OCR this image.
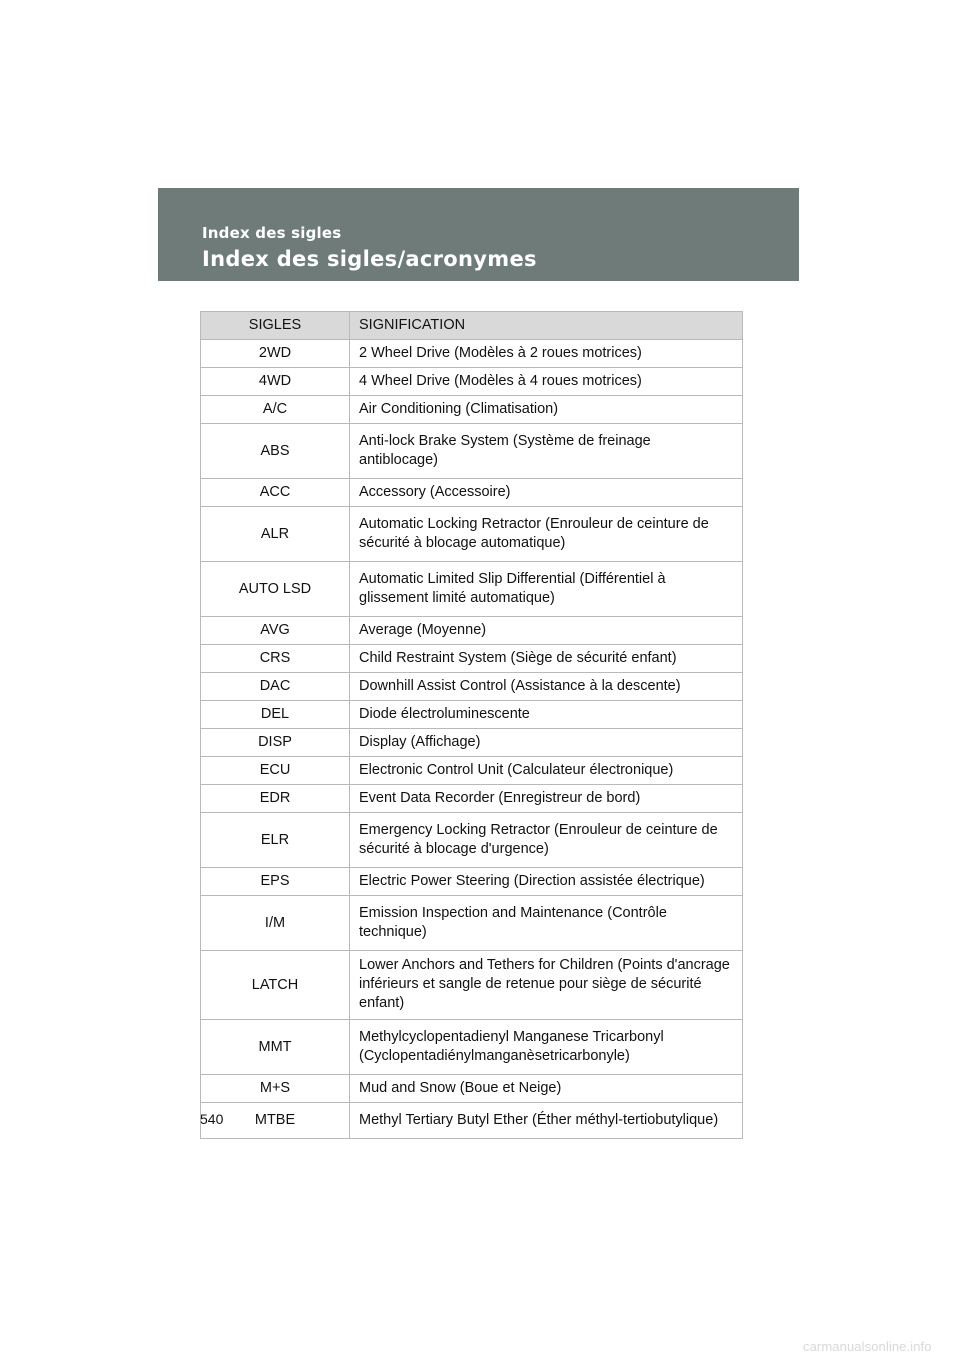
Index des sigles
Index des sigles/acronymes
SIGLES	SIGNIFICATION
2WD	2 Wheel Drive (Modèles à 2 roues motrices)
4WD	4 Wheel Drive (Modèles à 4 roues motrices)
A/C	Air Conditioning (Climatisation)
ABS	Anti-lock Brake System (Système de freinage antiblocage)
ACC	Accessory (Accessoire)
ALR	Automatic Locking Retractor (Enrouleur de ceinture de sécurité à blocage automatique)
AUTO LSD	Automatic Limited Slip Differential (Différentiel à glissement limité automatique)
AVG	Average (Moyenne)
CRS	Child Restraint System (Siège de sécurité enfant)
DAC	Downhill Assist Control (Assistance à la descente)
DEL	Diode électroluminescente
DISP	Display (Affichage)
ECU	Electronic Control Unit (Calculateur électronique)
EDR	Event Data Recorder (Enregistreur de bord)
ELR	Emergency Locking Retractor (Enrouleur de ceinture de sécurité à blocage d'urgence)
EPS	Electric Power Steering (Direction assistée électrique)
I/M	Emission Inspection and Maintenance (Contrôle technique)
LATCH	Lower Anchors and Tethers for Children (Points d'ancrage inférieurs et sangle de retenue pour siège de sécurité enfant)
MMT	Methylcyclopentadienyl Manganese Tricarbonyl (Cyclopentadiénylmanganèsetricarbonyle)
M+S	Mud and Snow (Boue et Neige)
MTBE	Methyl Tertiary Butyl Ether (Éther méthyl-tertiobutylique)
540
carmanualsonline.info
